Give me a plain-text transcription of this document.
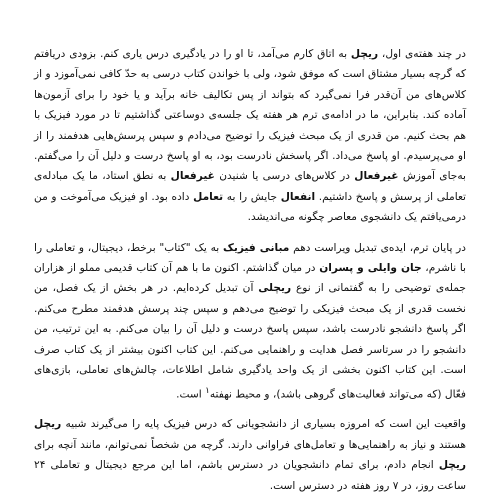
در چند هفته‌ی اول، ریچل به اتاق کارم می‌آمد، تا او را در یادگیری درس یاری کنم. بزودی دریافتم که گرچه بسیار مشتاق است که موفق شود، ولی با خواندن کتاب درسی به حدّ کافی نمی‌آموزد و از کلاس‌های من آن‌قدر فرا نمی‌گیرد که بتواند از پس تکالیف خانه برآید و یا خود را برای آزمون‌ها آماده کند. بنابراین، ما در ادامه‌ی ترم هر هفته یک جلسه‌ی دوساعتی گذاشتیم تا در مورد فیزیک با هم بحث کنیم. من قدری از یک مبحث فیزیک را توضیح می‌دادم و سپس پرسش‌هایی هدفمند را از او می‌پرسیدم. او پاسخ می‌داد. اگر پاسخش نادرست بود، به او پاسخ درست و دلیل آن را می‌گفتم. به‌جای آموزش غیرفعال در کلاس‌های درسی یا شنیدن غیرفعال به نطق استاد، ما یک مبادله‌ی تعاملی از پرسش و پاسخ داشتیم. انفعال جایش را به تعامل داده بود. او فیزیک می‌آموخت و من درمی‌یافتم یک دانشجوی معاصر چگونه می‌اندیشد.

در پایان ترم، ایده‌ی تبدیل ویراست دهم مبانی فیزیک به یک "کتاب" برخط، دیجیتال، و تعاملی را با ناشرم، جان وایلی و پسران در میان گذاشتم. اکنون ما با هم آن کتاب قدیمی مملو از هزاران جمله‌ی توضیحی را به گفتمانی از نوع ریچلی آن تبدیل کرده‌ایم. در هر بخش از یک فصل، من نخست قدری از یک مبحث فیزیکی را توضیح می‌دهم و سپس چند پرسش هدفمند مطرح می‌کنم. اگر پاسخ دانشجو نادرست باشد، سپس پاسخ درست و دلیل آن را بیان می‌کنم. به این ترتیب، من دانشجو را در سرتاسر فصل هدایت و راهنمایی می‌کنم. این کتاب اکنون بیشتر از یک کتاب صرف است. این کتاب اکنون بخشی از یک واحد یادگیری شامل اطلاعات، چالش‌های تعاملی، بازی‌های فعّال (که می‌تواند فعالیت‌های گروهی باشد)، و محیط نهفته$^۱$ است.

واقعیت این است که امروزه بسیاری از دانشجویانی که درس فیزیک پایه را می‌گیرند شبیه ریچل هستند و نیاز به راهنمایی‌ها و تعامل‌های فراوانی دارند. گرچه من شخصاً نمی‌توانم، مانند آنچه برای ریچل انجام دادم، برای تمام دانشجویان در دسترس باشم، اما این مرجع دیجیتال و تعاملی ۲۴ ساعت روز، در ۷ روز هفته در دسترس است.
